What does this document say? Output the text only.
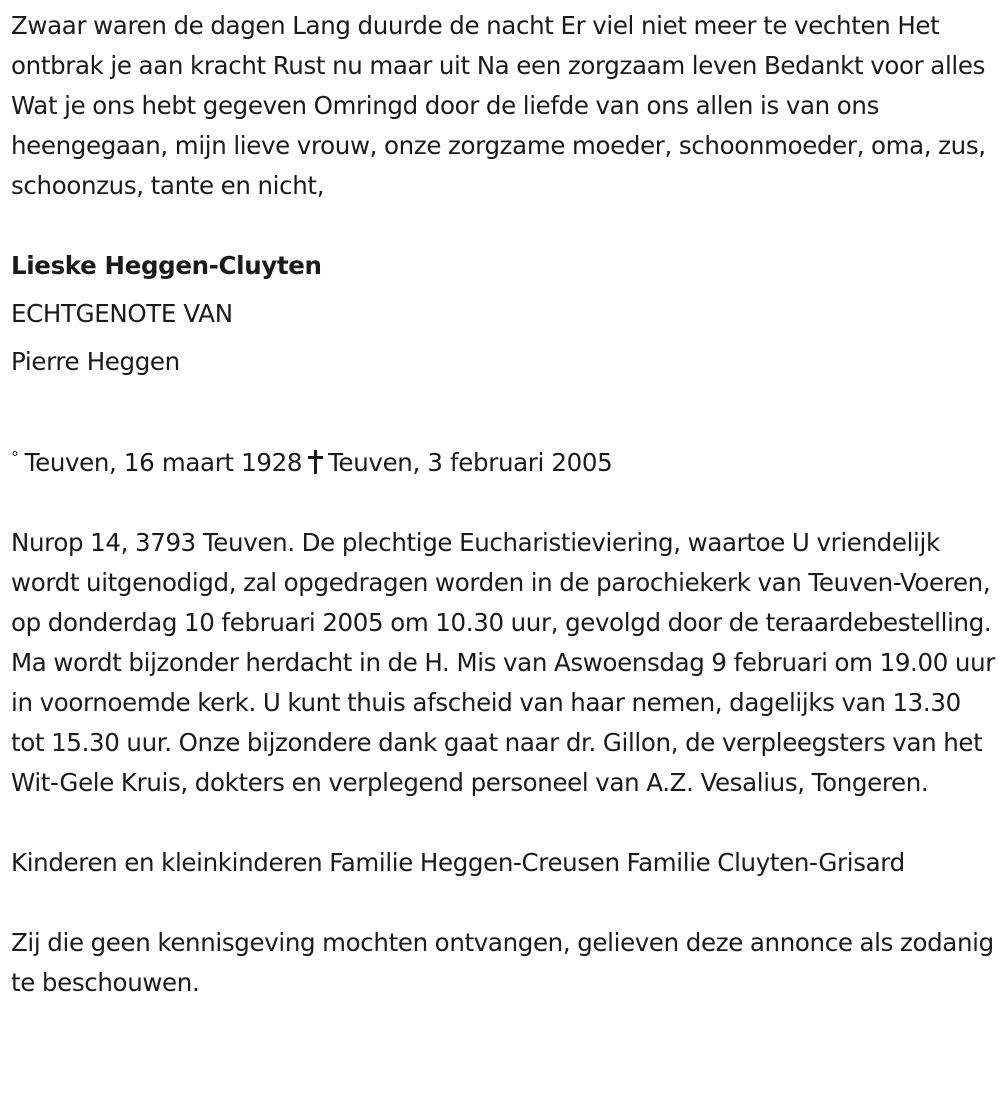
Zwaar waren de dagen Lang duurde de nacht Er viel niet meer te vechten Het ontbrak je aan kracht Rust nu maar uit Na een zorgzaam leven Bedankt voor alles Wat je ons hebt gegeven Omringd door de liefde van ons allen is van ons heengegaan, mijn lieve vrouw, onze zorgzame moeder, schoonmoeder, oma, zus, schoonzus, tante en nicht,

Lieske Heggen-Cluyten

ECHTGENOTE VAN

Pierre Heggen

° Teuven, 16 maart 1928 Teuven, 3 februari 2005

Nurop 14, 3793 Teuven. De plechtige Eucharistieviering, waartoe U vriendelijk wordt uitgenodigd, zal opgedragen worden in de parochiekerk van Teuven-Voeren, op donderdag 10 februari 2005 om 10.30 uur, gevolgd door de teraardebestelling. Ma wordt bijzonder herdacht in de H. Mis van Aswoensdag 9 februari om 19.00 uur in voornoemde kerk. U kunt thuis afscheid van haar nemen, dagelijks van 13.30 tot 15.30 uur. Onze bijzondere dank gaat naar dr. Gillon, de verpleegsters van het Wit-Gele Kruis, dokters en verplegend personeel van A.Z. Vesalius, Tongeren.

Kinderen en kleinkinderen Familie Heggen-Creusen Familie Cluyten-Grisard

Zij die geen kennisgeving mochten ontvangen, gelieven deze annonce als zodanig te beschouwen.
